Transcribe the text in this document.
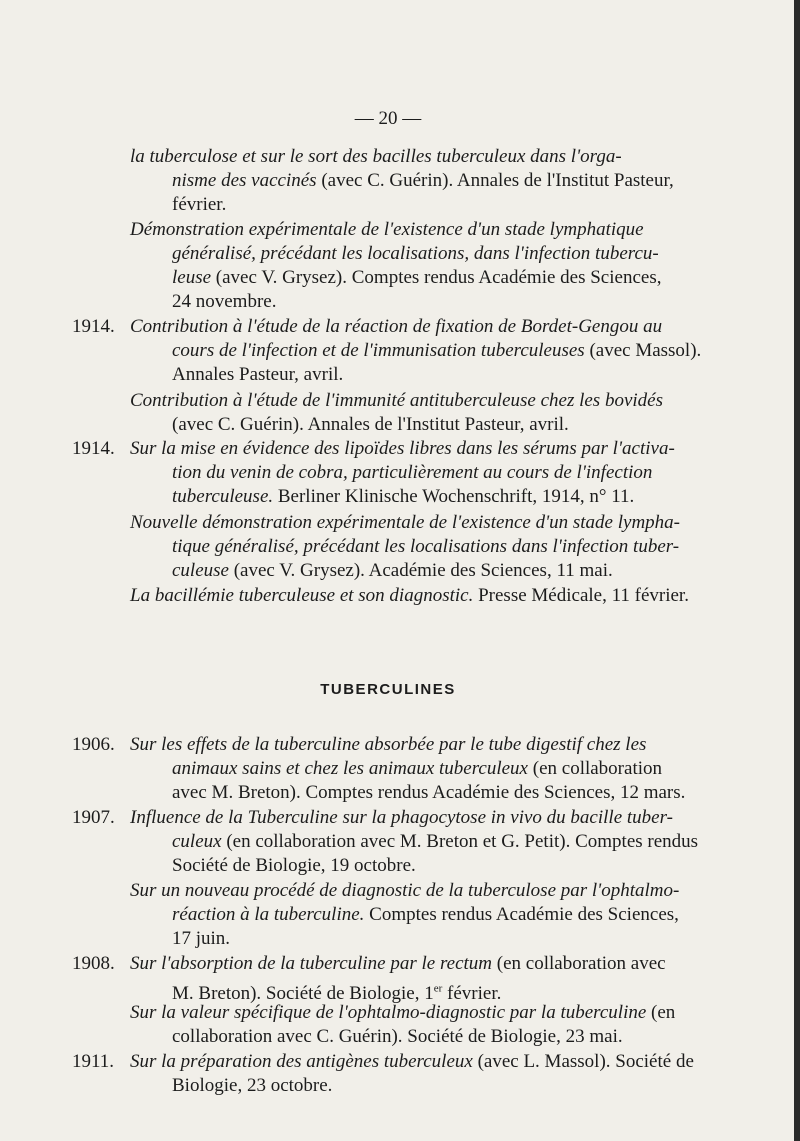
— 20 —
la tuberculose et sur le sort des bacilles tuberculeux dans l'orga-
nisme des vaccinés (avec C. Guérin). Annales de l'Institut Pasteur,
février.
Démonstration expérimentale de l'existence d'un stade lymphatique
généralisé, précédant les localisations, dans l'infection tubercu-
leuse (avec V. Grysez). Comptes rendus Académie des Sciences,
24 novembre.
1914. Contribution à l'étude de la réaction de fixation de Bordet-Gengou au
cours de l'infection et de l'immunisation tuberculeuses (avec Massol).
Annales Pasteur, avril.
Contribution à l'étude de l'immunité antituberculeuse chez les bovidés
(avec C. Guérin). Annales de l'Institut Pasteur, avril.
1914. Sur la mise en évidence des lipoïdes libres dans les sérums par l'activa-
tion du venin de cobra, particulièrement au cours de l'infection
tuberculeuse. Berliner Klinische Wochenschrift, 1914, n° 11.
Nouvelle démonstration expérimentale de l'existence d'un stade lympha-
tique généralisé, précédant les localisations dans l'infection tuber-
culeuse (avec V. Grysez). Académie des Sciences, 11 mai.
La bacillémie tuberculeuse et son diagnostic. Presse Médicale, 11 février.
TUBERCULINES
1906. Sur les effets de la tuberculine absorbée par le tube digestif chez les
animaux sains et chez les animaux tuberculeux (en collaboration
avec M. Breton). Comptes rendus Académie des Sciences, 12 mars.
1907. Influence de la Tuberculine sur la phagocytose in vivo du bacille tuber-
culeux (en collaboration avec M. Breton et G. Petit). Comptes rendus
Société de Biologie, 19 octobre.
Sur un nouveau procédé de diagnostic de la tuberculose par l'ophtalmo-
réaction à la tuberculine. Comptes rendus Académie des Sciences,
17 juin.
1908. Sur l'absorption de la tuberculine par le rectum (en collaboration avec
M. Breton). Société de Biologie, 1er février.
Sur la valeur spécifique de l'ophtalmo-diagnostic par la tuberculine (en
collaboration avec C. Guérin). Société de Biologie, 23 mai.
1911. Sur la préparation des antigènes tuberculeux (avec L. Massol). Société de
Biologie, 23 octobre.
